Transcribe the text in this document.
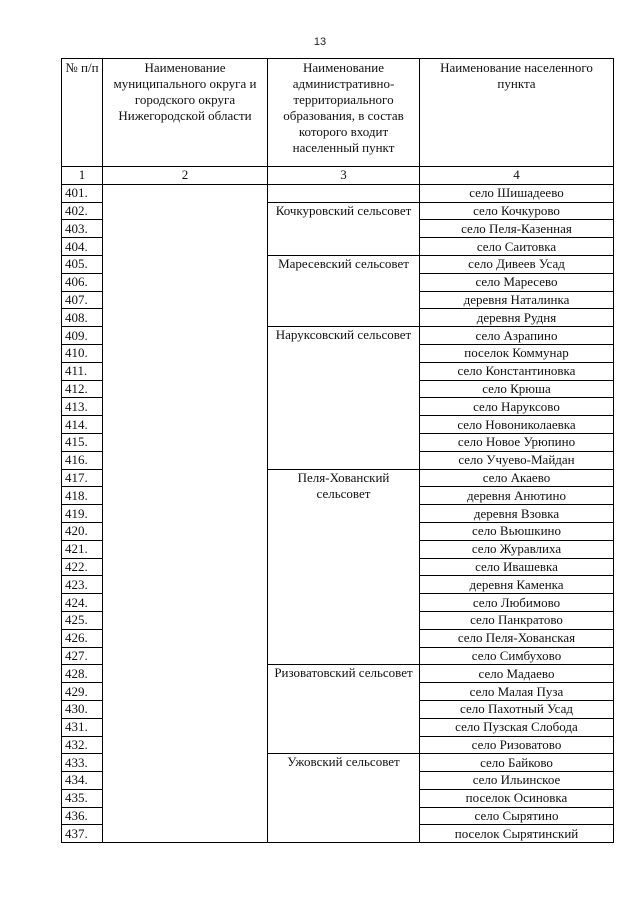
13
№ п/п	Наименование муниципального округа и городского округа Нижегородской области	Наименование административно-территориального образования, в состав которого входит населенный пункт	Наименование населенного пункта
1	2	3	4
401.			село Шишадеево
402.		Кочкуровский сельсовет	село Кочкурово
403.			село Пеля-Казенная
404.			село Саитовка
405.		Маресевский сельсовет	село Дивеев Усад
406.			село Маресево
407.			деревня Наталинка
408.			деревня Рудня
409.		Наруксовский сельсовет	село Азрапино
410.			поселок Коммунар
411.			село Константиновка
412.			село Крюша
413.			село Наруксово
414.			село Новониколаевка
415.			село Новое Урюпино
416.			село Учуево-Майдан
417.		Пеля-Хованский сельсовет	село Акаево
418.			деревня Анютино
419.			деревня Взовка
420.			село Вьюшкино
421.			село Журавлиха
422.			село Ивашевка
423.			деревня Каменка
424.			село Любимово
425.			село Панкратово
426.			село Пеля-Хованская
427.			село Симбухово
428.		Ризоватовский сельсовет	село Мадаево
429.			село Малая Пуза
430.			село Пахотный Усад
431.			село Пузская Слобода
432.			село Ризоватово
433.		Ужовский сельсовет	село Байково
434.			село Ильинское
435.			поселок Осиновка
436.			село Сырятино
437.			поселок Сырятинский
